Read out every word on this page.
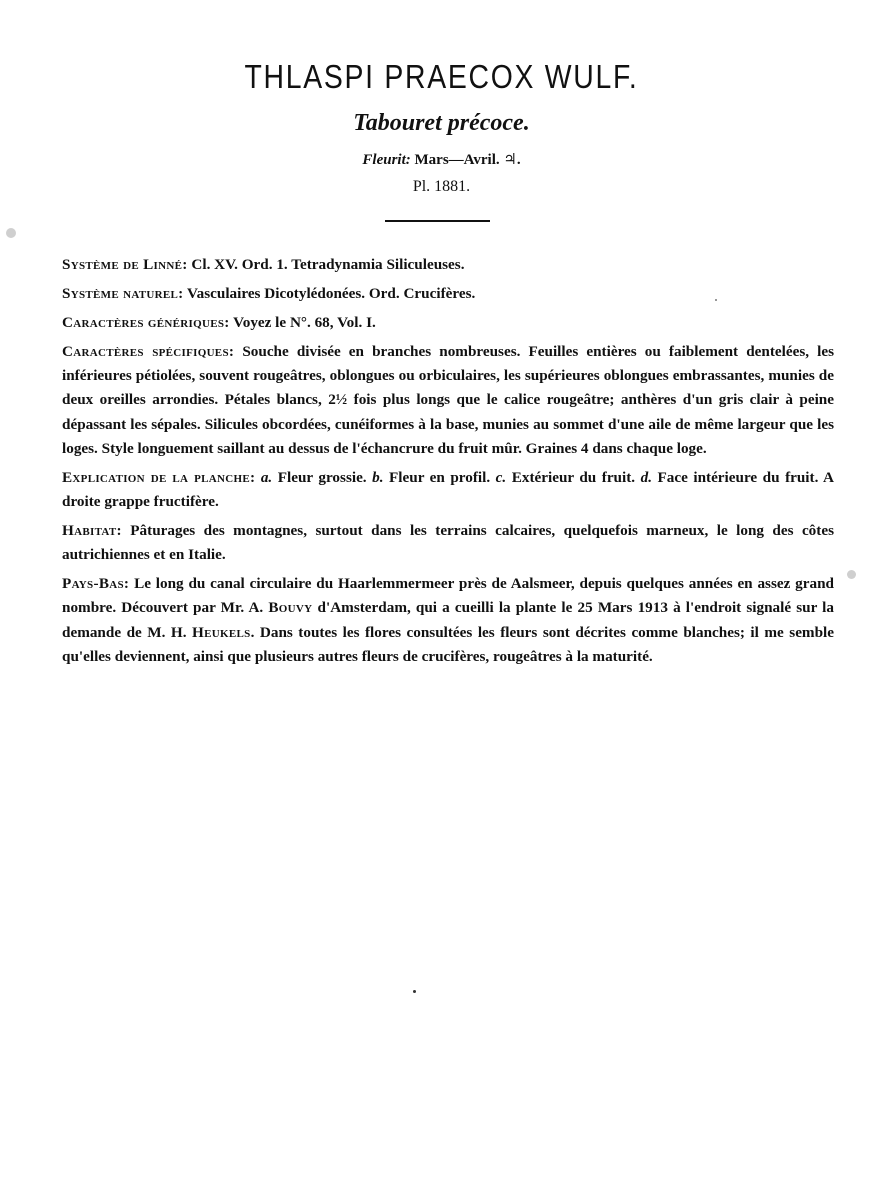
THLASPI PRAECOX WULF.
Tabouret précoce.
Fleurit: Mars—Avril. ♃.
Pl. 1881.

Système de Linné: Cl. XV. Ord. 1. Tetradynamia Siliculeuses.

Système naturel: Vasculaires Dicotylédonées. Ord. Crucifères.

Caractères génériques: Voyez le N°. 68, Vol. I.

Caractères spécifiques: Souche divisée en branches nombreuses. Feuilles entières ou faiblement dentelées, les inférieures pétiolées, souvent rougeâtres, oblongues ou orbiculaires, les supérieures oblongues embrassantes, munies de deux oreilles arrondies. Pétales blancs, 2½ fois plus longs que le calice rougeâtre; anthères d'un gris clair à peine dépassant les sépales. Silicules obcordées, cunéiformes à la base, munies au sommet d'une aile de même largeur que les loges. Style longuement saillant au dessus de l'échancrure du fruit mûr. Graines 4 dans chaque loge.

Explication de la planche: a. Fleur grossie. b. Fleur en profil. c. Extérieur du fruit. d. Face intérieure du fruit. A droite grappe fructifère.

Habitat: Pâturages des montagnes, surtout dans les terrains calcaires, quelquefois marneux, le long des côtes autrichiennes et en Italie.

Pays-Bas: Le long du canal circulaire du Haarlemmermeer près de Aalsmeer, depuis quelques années en assez grand nombre. Découvert par Mr. A. Bouvy d'Amsterdam, qui a cueilli la plante le 25 Mars 1913 à l'endroit signalé sur la demande de M. H. Heukels. Dans toutes les flores consultées les fleurs sont décrites comme blanches; il me semble qu'elles deviennent, ainsi que plusieurs autres fleurs de crucifères, rougeâtres à la maturité.
